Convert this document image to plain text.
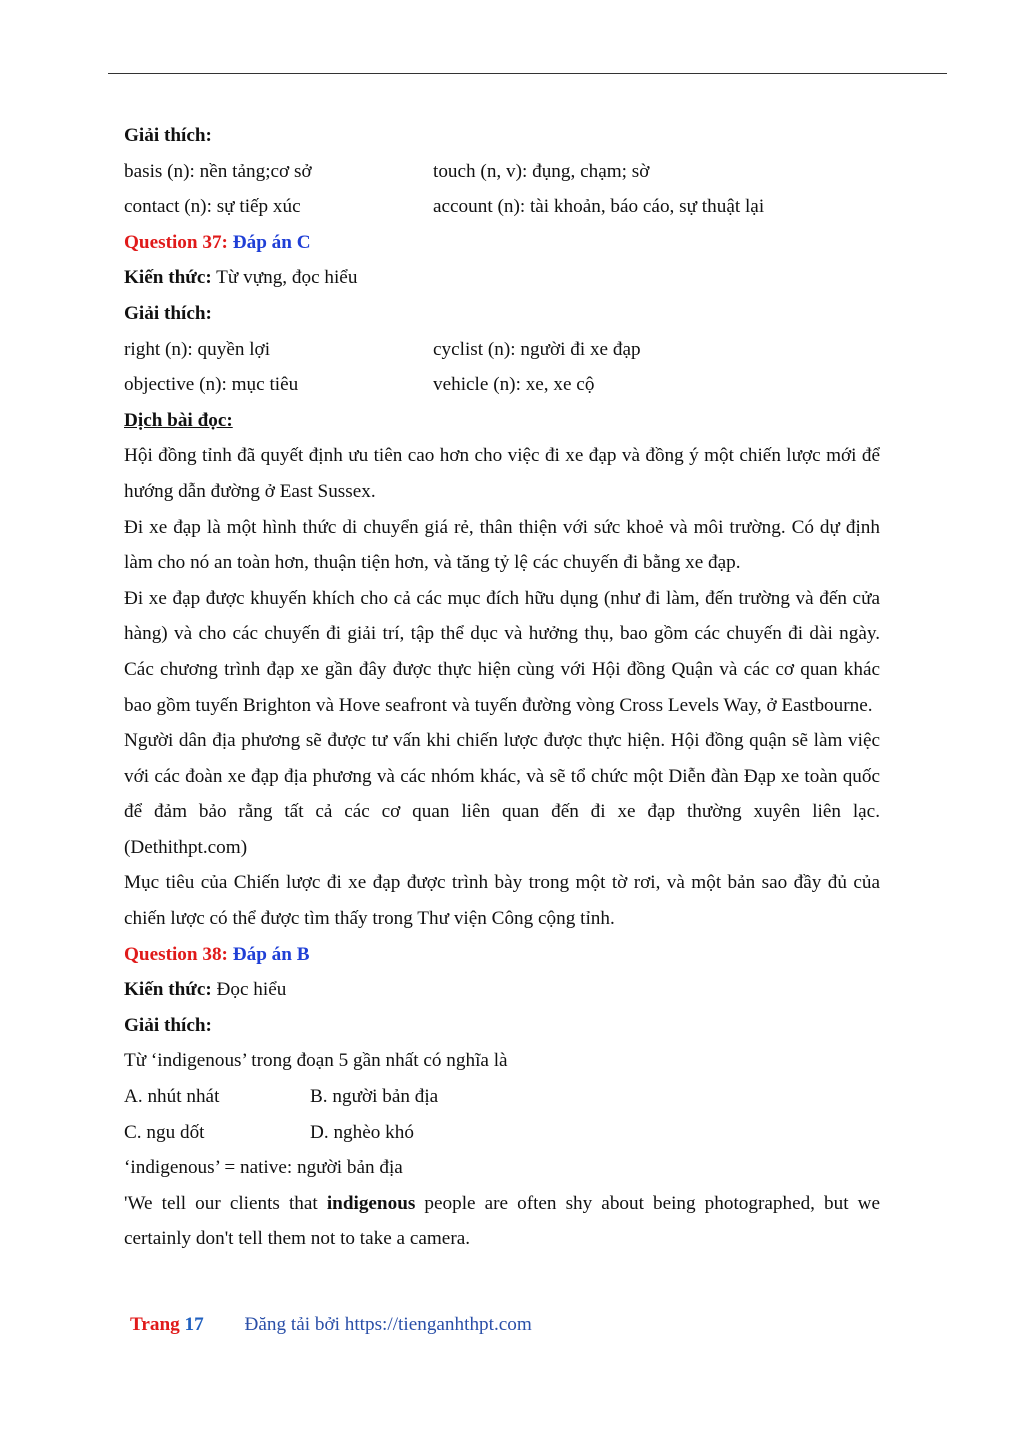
Giải thích:
basis (n): nền tảng;cơ sở	touch (n, v): đụng, chạm; sờ
contact (n): sự tiếp xúc	account (n): tài khoản, báo cáo, sự thuật lại
Question 37: Đáp án C
Kiến thức: Từ vựng, đọc hiểu
Giải thích:
right (n): quyền lợi	cyclist (n): người đi xe đạp
objective (n): mục tiêu	vehicle (n): xe, xe cộ
Dịch bài đọc:

Hội đồng tỉnh đã quyết định ưu tiên cao hơn cho việc đi xe đạp và đồng ý một chiến lược mới để hướng dẫn đường ở East Sussex.

Đi xe đạp là một hình thức di chuyển giá rẻ, thân thiện với sức khoẻ và môi trường. Có dự định làm cho nó an toàn hơn, thuận tiện hơn, và tăng tỷ lệ các chuyến đi bằng xe đạp.

Đi xe đạp được khuyến khích cho cả các mục đích hữu dụng (như đi làm, đến trường và đến cửa hàng) và cho các chuyến đi giải trí, tập thể dục và hưởng thụ, bao gồm các chuyến đi dài ngày. Các chương trình đạp xe gần đây được thực hiện cùng với Hội đồng Quận và các cơ quan khác bao gồm tuyến Brighton và Hove seafront và tuyến đường vòng Cross Levels Way, ở Eastbourne.

Người dân địa phương sẽ được tư vấn khi chiến lược được thực hiện. Hội đồng quận sẽ làm việc với các đoàn xe đạp địa phương và các nhóm khác, và sẽ tổ chức một Diễn đàn Đạp xe toàn quốc để đảm bảo rằng tất cả các cơ quan liên quan đến đi xe đạp thường xuyên liên lạc. (Dethithpt.com)

Mục tiêu của Chiến lược đi xe đạp được trình bày trong một tờ rơi, và một bản sao đầy đủ của chiến lược có thể được tìm thấy trong Thư viện Công cộng tỉnh.

Question 38: Đáp án B
Kiến thức: Đọc hiểu
Giải thích:
Từ ‘indigenous’ trong đoạn 5 gần nhất có nghĩa là
A. nhút nhát	B. người bản địa
C. ngu dốt	D. nghèo khó
‘indigenous’ = native: người bản địa

'We tell our clients that indigenous people are often shy about being photographed, but we certainly don't tell them not to take a camera.

Trang 17 Đăng tải bởi https://tienganhthpt.com
